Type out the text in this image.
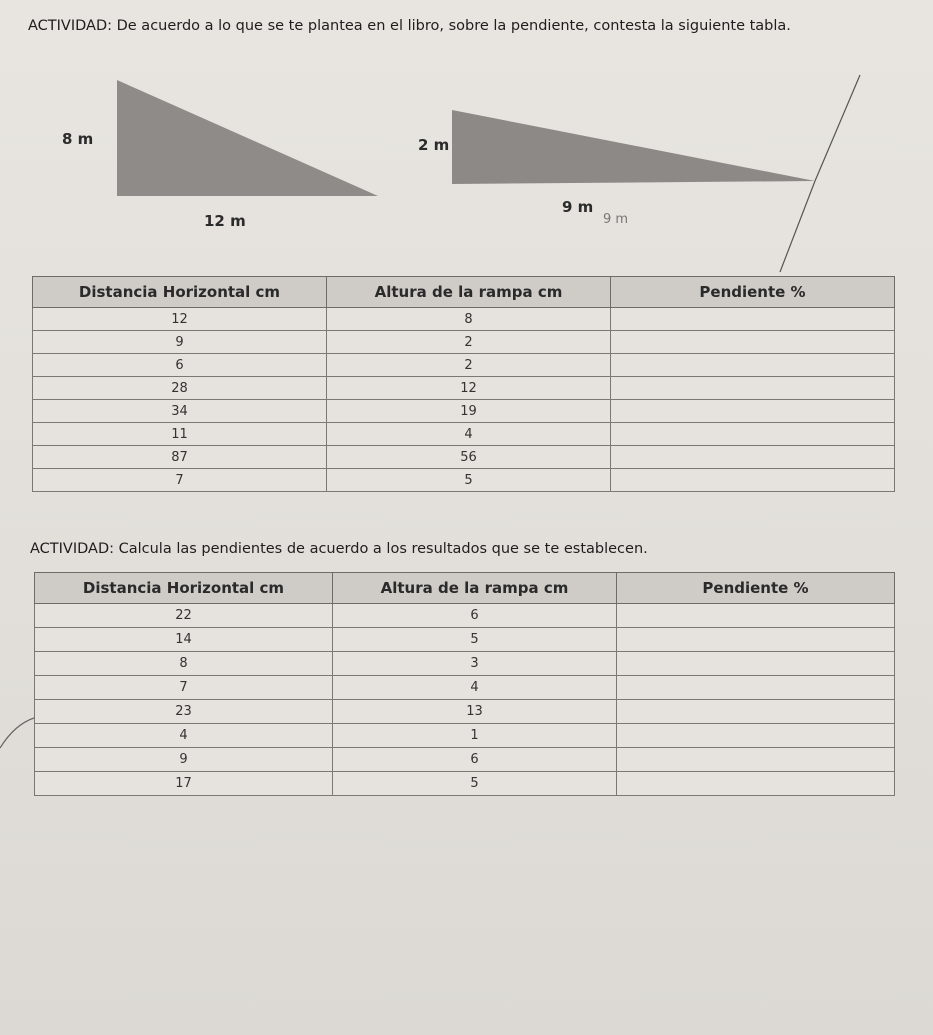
ACTIVIDAD: De acuerdo a lo que se te plantea en el libro, sobre la pendiente, contesta la siguiente tabla.
8 m
12 m
2 m
9 m
9 m
Distancia Horizontal cm	Altura de la rampa cm	Pendiente %
12	8	
9	2	
6	2	
28	12	
34	19	
11	4	
87	56	
7	5	
ACTIVIDAD: Calcula las pendientes de acuerdo a los resultados que se te establecen.
Distancia Horizontal cm	Altura de la rampa cm	Pendiente %
22	6	
14	5	
8	3	
7	4	
23	13	
4	1	
9	6	
17	5	
